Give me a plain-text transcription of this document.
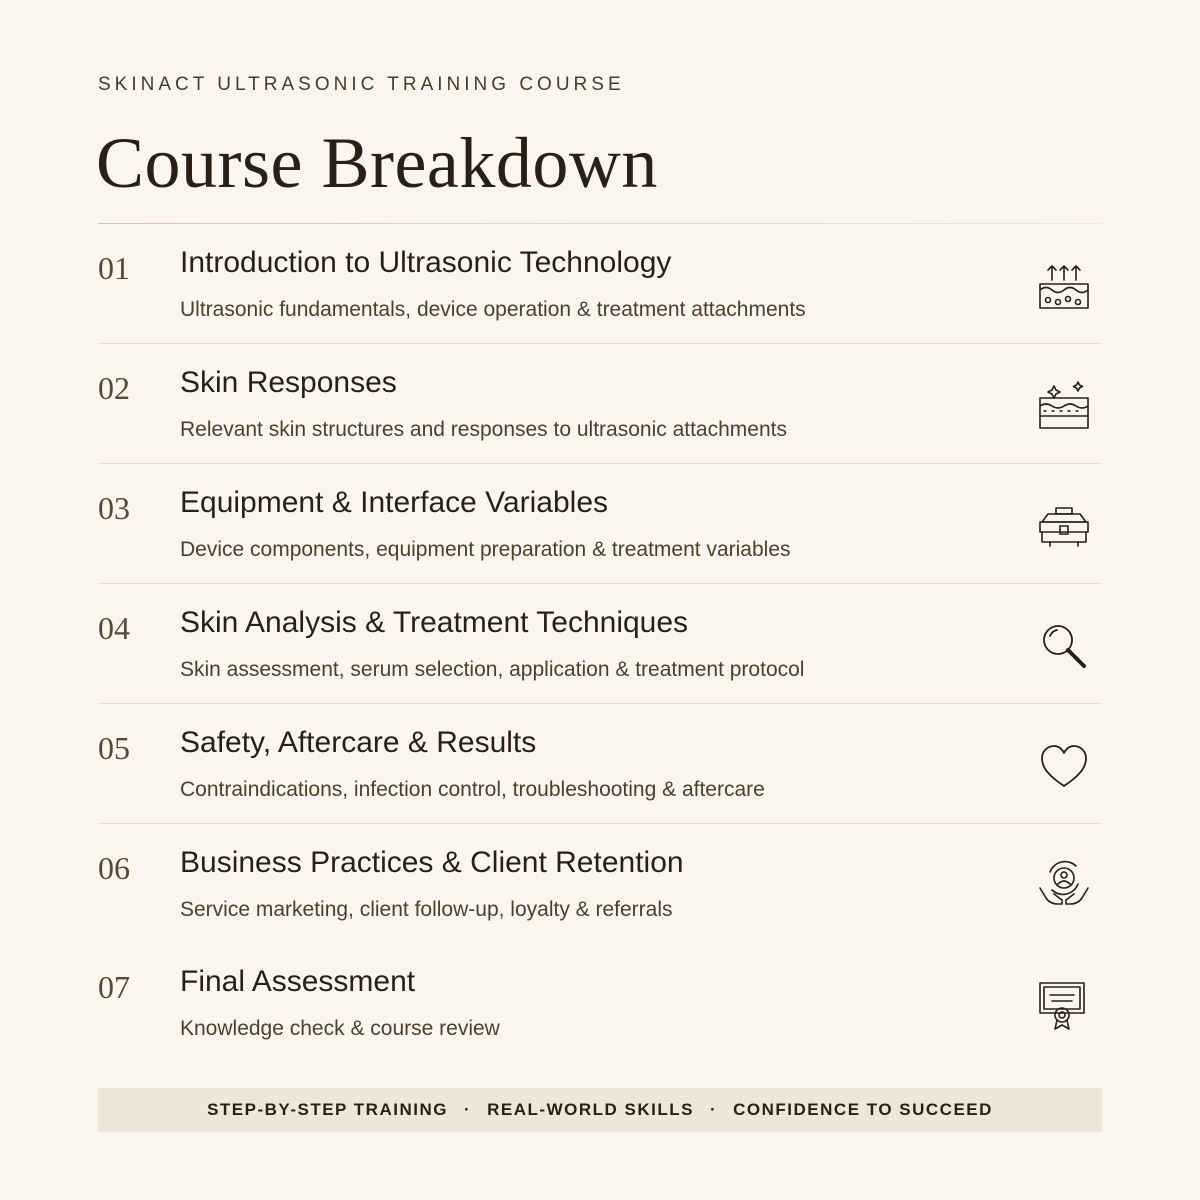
SKINACT ULTRASONIC TRAINING COURSE
Course Breakdown
01 Introduction to Ultrasonic Technology
Ultrasonic fundamentals, device operation & treatment attachments
02 Skin Responses
Relevant skin structures and responses to ultrasonic attachments
03 Equipment & Interface Variables
Device components, equipment preparation & treatment variables
04 Skin Analysis & Treatment Techniques
Skin assessment, serum selection, application & treatment protocol
05 Safety, Aftercare & Results
Contraindications, infection control, troubleshooting & aftercare
06 Business Practices & Client Retention
Service marketing, client follow-up, loyalty & referrals
07 Final Assessment
Knowledge check & course review
STEP-BY-STEP TRAINING · REAL-WORLD SKILLS · CONFIDENCE TO SUCCEED
